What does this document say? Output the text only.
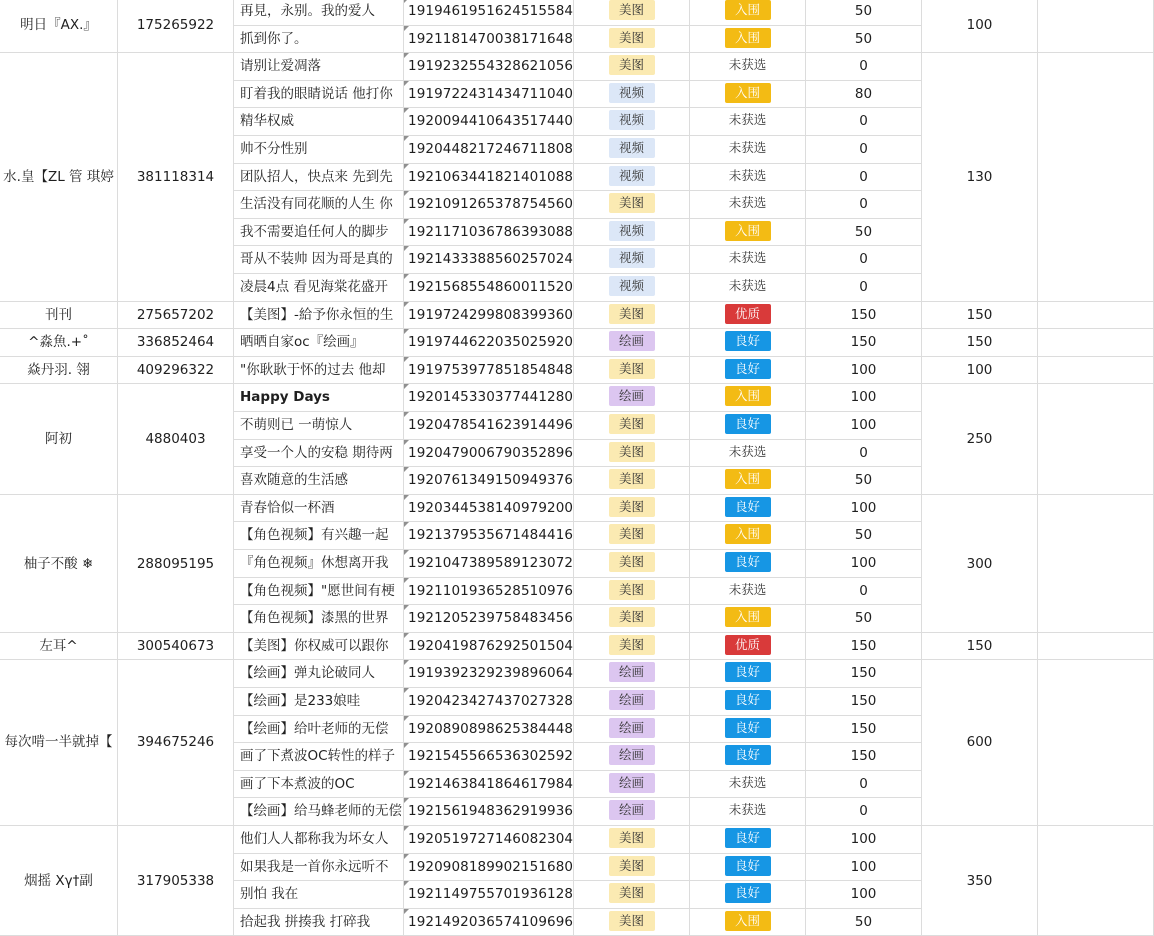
明日『AX.』	175265922	100
再見，永别。我的爱人	1919461951624515584	美图	入围	50
抓到你了。	1921181470038171648	美图	入围	50
水.皇【ZL 管 琪婷	381118314	130
请别让爱凋落	1919232554328621056	美图	未获选	0
盯着我的眼睛说话 他打你	1919722431434711040	视频	入围	80
精华权威	1920094410643517440	视频	未获选	0
帅不分性别	1920448217246711808	视频	未获选	0
团队招人，快点来 先到先	1921063441821401088	视频	未获选	0
生活没有同花顺的人生 你	1921091265378754560	美图	未获选	0
我不需要追任何人的脚步	1921171036786393088	视频	入围	50
哥从不装帅 因为哥是真的	1921433388560257024	视频	未获选	0
凌晨4点 看见海棠花盛开	1921568554860011520	视频	未获选	0
刊刊	275657202	150
【美图】-給予你永恒的生	1919724299808399360	美图	优质	150
^淼魚.+˚	336852464	150
晒晒自家oc『绘画』	1919744622035025920	绘画	良好	150
焱丹羽. 翎	409296322	100
"你耿耿于怀的过去 他却	1919753977851854848	美图	良好	100
阿初	4880403	250
Happy Days	1920145330377441280	绘画	入围	100
不萌则已 一萌惊人	1920478541623914496	美图	良好	100
享受一个人的安稳 期待两	1920479006790352896	美图	未获选	0
喜欢随意的生活感	1920761349150949376	美图	入围	50
柚子不酸 ❄	288095195	300
青春恰似一杯酒	1920344538140979200	美图	良好	100
【角色视频】有兴趣一起	1921379535671484416	美图	入围	50
『角色视频』休想离开我	1921047389589123072	美图	良好	100
【角色视频】"愿世间有梗 1921101936528510976	美图	未获选	0
【角色视频】漆黑的世界	1921205239758483456	美图	入围	50
左耳^	300540673	150
【美图】你权威可以跟你	1920419876292501504	美图	优质	150
每次啃一半就掉【	394675246	600
【绘画】弹丸论破同人	1919392329239896064	绘画	良好	150
【绘画】是233娘哇	1920423427437027328	绘画	良好	150
【绘画】给叶老师的无偿	1920890898625384448	绘画	良好	150
画了下煮波OC转性的样子 1921545566536302592	绘画	良好	150
画了下本煮波的OC	1921463841864617984	绘画	未获选	0
【绘画】给马蜂老师的无偿 1921561948362919936	绘画	未获选	0
烟摇 Xγ†副	317905338	350
他们人人都称我为坏女人	1920519727146082304	美图	良好	100
如果我是一首你永远听不	1920908189902151680	美图	良好	100
别怕 我在	1921149755701936128	美图	良好	100
拾起我 拼揍我 打碎我	1921492036574109696	美图	入围	50
